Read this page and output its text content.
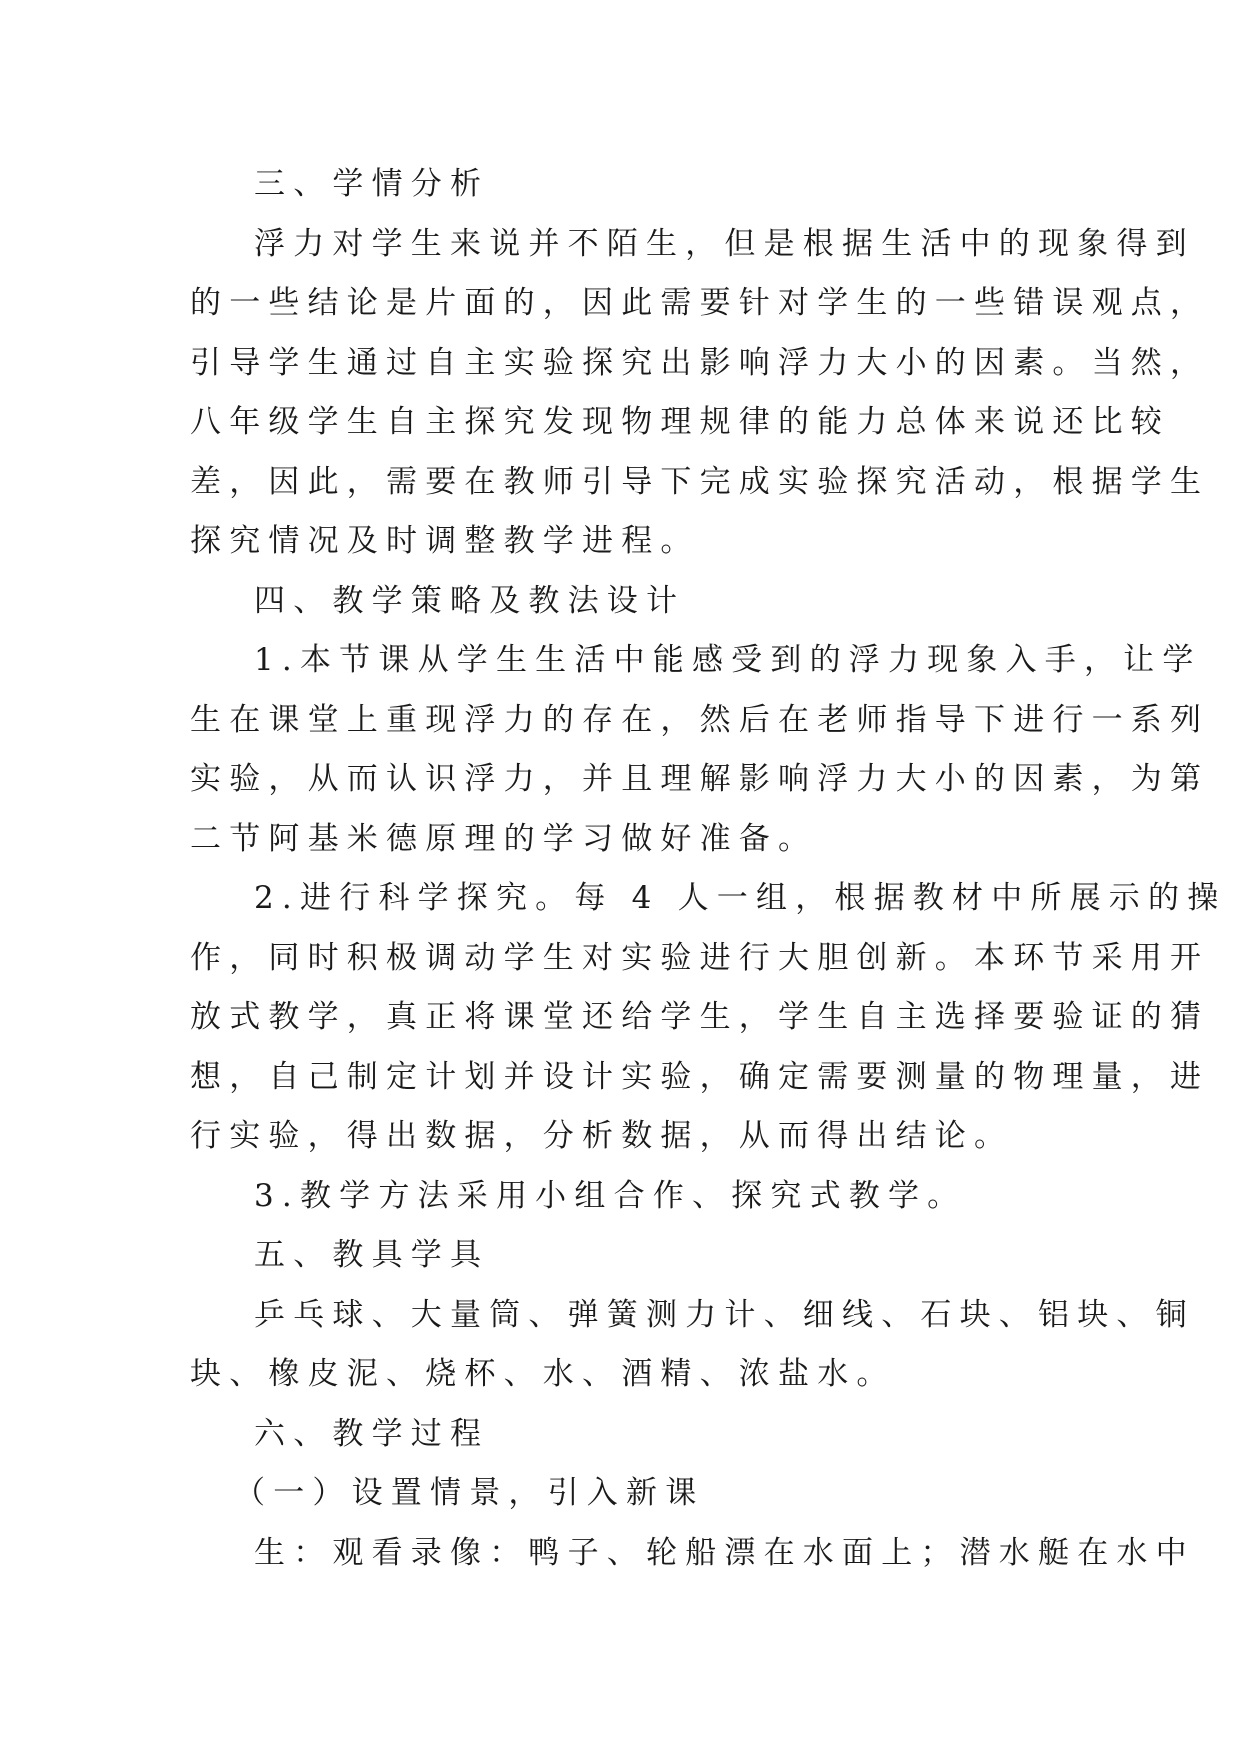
三、学情分析
浮力对学生来说并不陌生，但是根据生活中的现象得到
的一些结论是片面的，因此需要针对学生的一些错误观点，
引导学生通过自主实验探究出影响浮力大小的因素。当然，
八年级学生自主探究发现物理规律的能力总体来说还比较
差，因此，需要在教师引导下完成实验探究活动，根据学生
探究情况及时调整教学进程。
四、教学策略及教法设计
1.本节课从学生生活中能感受到的浮力现象入手，让学
生在课堂上重现浮力的存在，然后在老师指导下进行一系列
实验，从而认识浮力，并且理解影响浮力大小的因素，为第
二节阿基米德原理的学习做好准备。
2.进行科学探究。每 4 人一组，根据教材中所展示的操
作，同时积极调动学生对实验进行大胆创新。本环节采用开
放式教学，真正将课堂还给学生，学生自主选择要验证的猜
想，自己制定计划并设计实验，确定需要测量的物理量，进
行实验，得出数据，分析数据，从而得出结论。
3.教学方法采用小组合作、探究式教学。
五、教具学具
乒乓球、大量筒、弹簧测力计、细线、石块、铝块、铜
块、橡皮泥、烧杯、水、酒精、浓盐水。
六、教学过程
（一）设置情景，引入新课
生：观看录像：鸭子、轮船漂在水面上；潜水艇在水中
